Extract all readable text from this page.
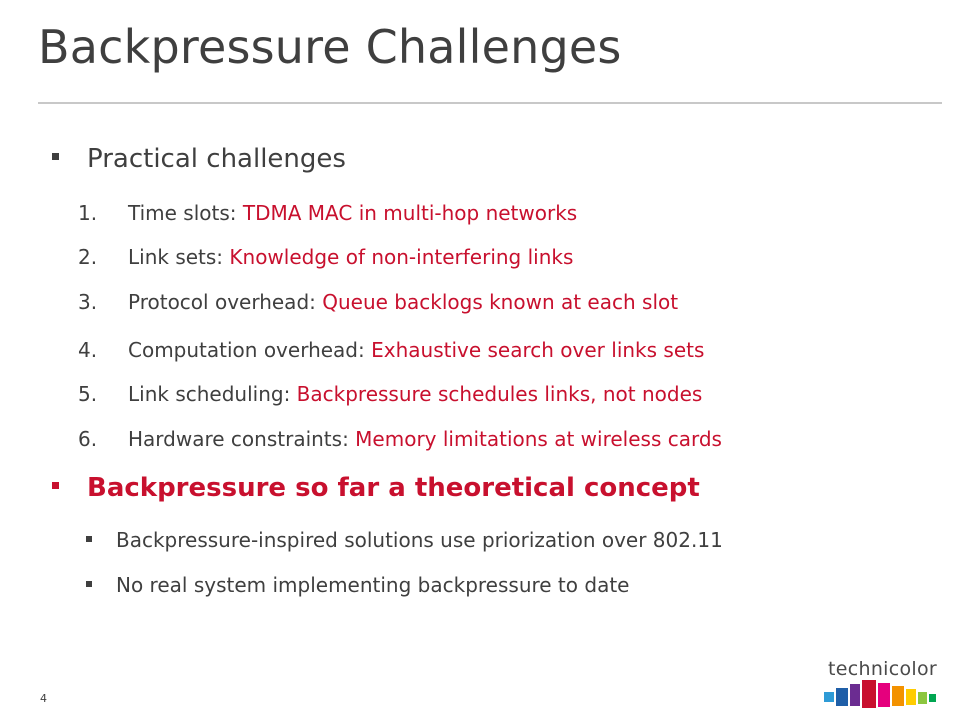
Backpressure Challenges
Practical challenges
1. Time slots: TDMA MAC in multi-hop networks
2. Link sets: Knowledge of non-interfering links
3. Protocol overhead: Queue backlogs known at each slot
4. Computation overhead: Exhaustive search over links sets
5. Link scheduling: Backpressure schedules links, not nodes
6. Hardware constraints: Memory limitations at wireless cards
Backpressure so far a theoretical concept
Backpressure-inspired solutions use priorization over 802.11
No real system implementing backpressure to date
4
technicolor
